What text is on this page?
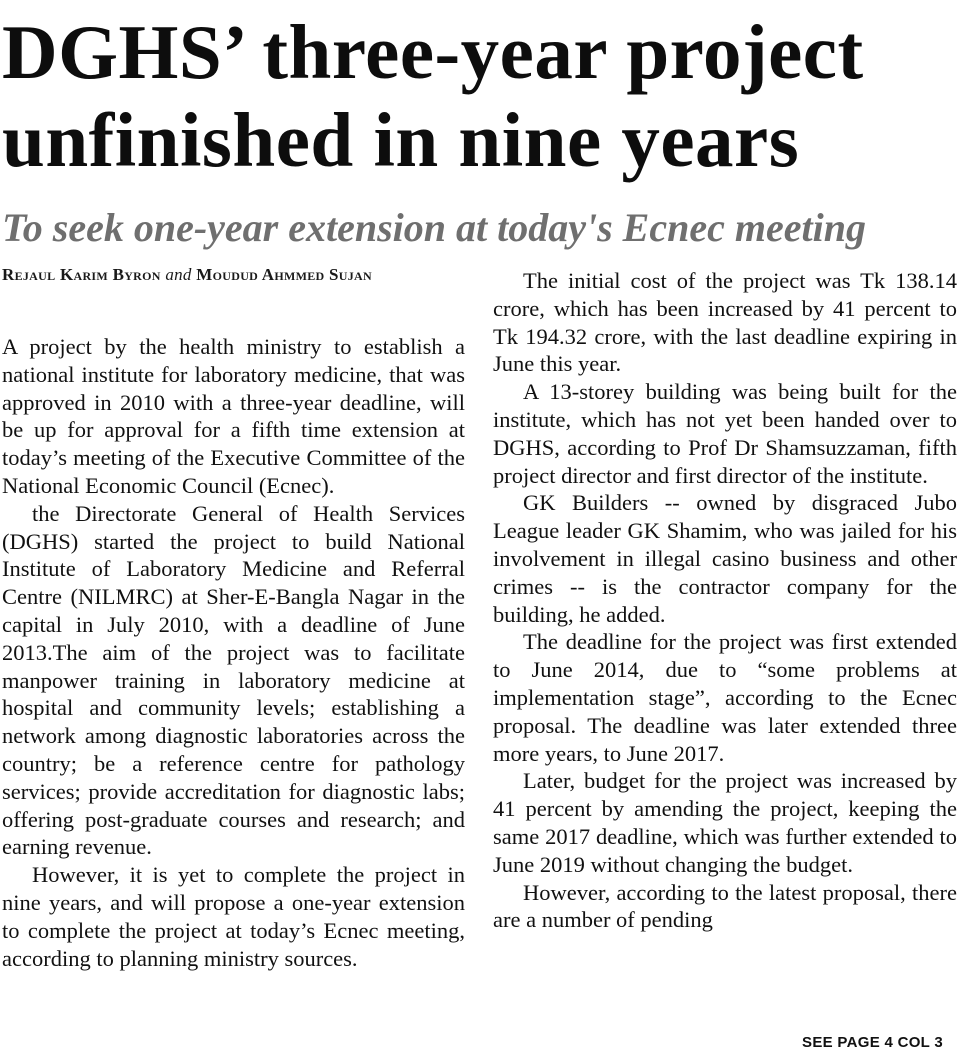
DGHS’ three-year project unfinished in nine years
To seek one-year extension at today's Ecnec meeting
Rejaul Karim Byron and Moudud Ahmmed Sujan

A project by the health ministry to establish a national institute for laboratory medicine, that was approved in 2010 with a three-year deadline, will be up for approval for a fifth time extension at today’s meeting of the Executive Committee of the National Economic Council (Ecnec).

the Directorate General of Health Services (DGHS) started the project to build National Institute of Laboratory Medicine and Referral Centre (NILMRC) at Sher-E-Bangla Nagar in the capital in July 2010, with a deadline of June 2013.The aim of the project was to facilitate manpower training in laboratory medicine at hospital and community levels; establishing a network among diagnostic laboratories across the country; be a reference centre for pathology services; provide accreditation for diagnostic labs; offering post-graduate courses and research; and earning revenue.

However, it is yet to complete the project in nine years, and will propose a one-year extension to complete the project at today’s Ecnec meeting, according to planning ministry sources.

The initial cost of the project was Tk 138.14 crore, which has been increased by 41 percent to Tk 194.32 crore, with the last deadline expiring in June this year.

A 13-storey building was being built for the institute, which has not yet been handed over to DGHS, according to Prof Dr Shamsuzzaman, fifth project director and first director of the institute.

GK Builders -- owned by disgraced Jubo League leader GK Shamim, who was jailed for his involvement in illegal casino business and other crimes -- is the contractor company for the building, he added.

The deadline for the project was first extended to June 2014, due to “some problems at implementation stage”, according to the Ecnec proposal. The deadline was later extended three more years, to June 2017.

Later, budget for the project was increased by 41 percent by amending the project, keeping the same 2017 deadline, which was further extended to June 2019 without changing the budget.

However, according to the latest proposal, there are a number of pending

SEE PAGE 4 COL 3
